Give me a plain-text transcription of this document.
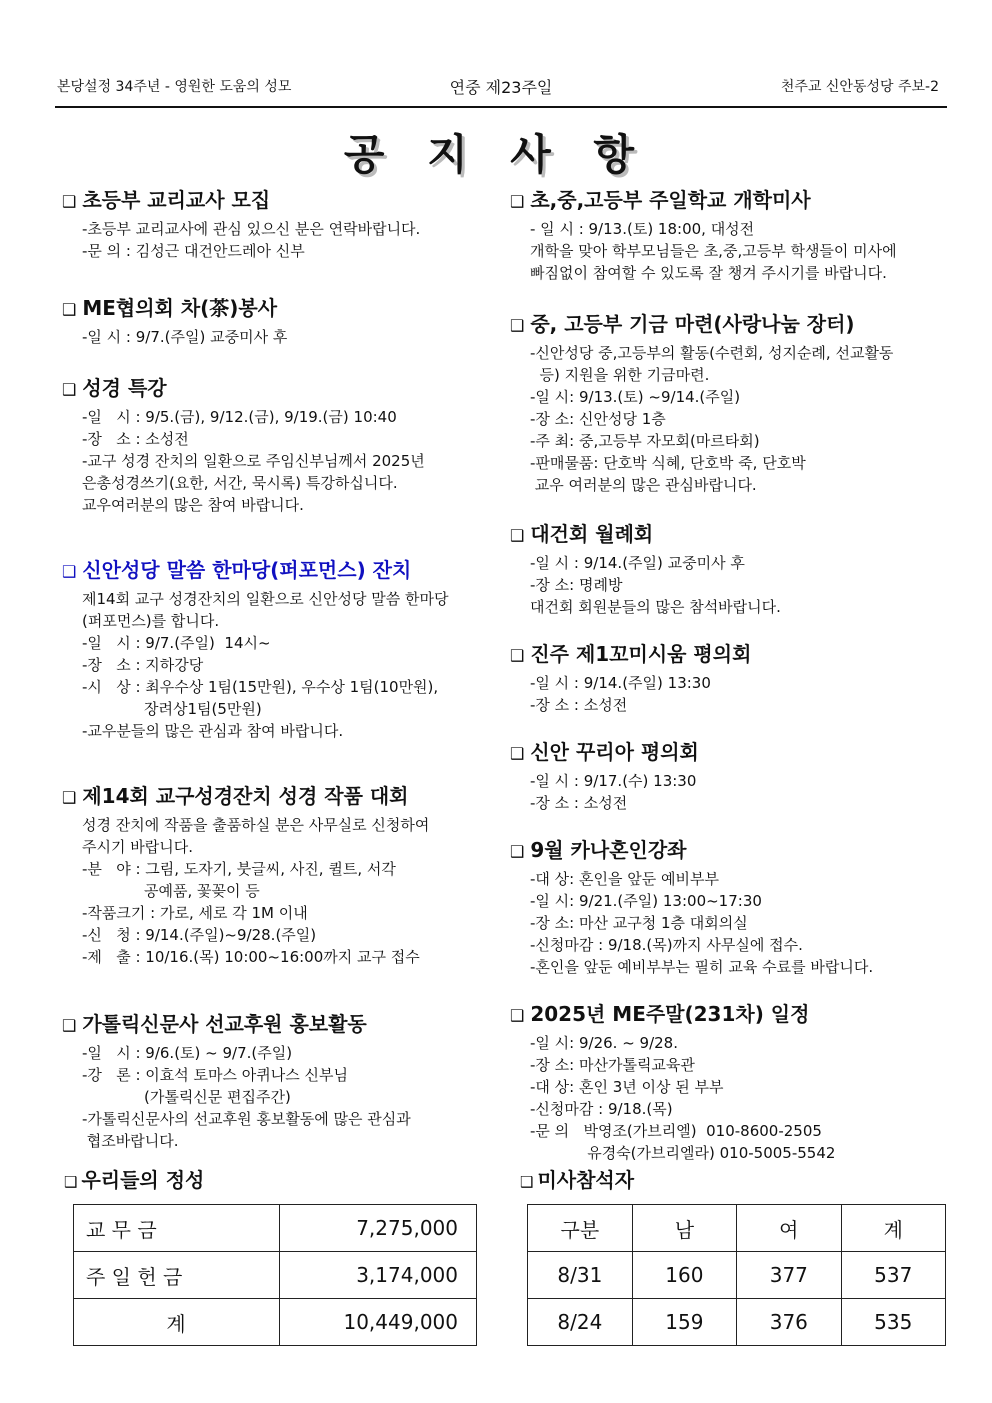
본당설정 34주년 - 영원한 도움의 성모	연중 제23주일	천주교 신안동성당 주보-2
공 지 사 항
❑ 초등부 교리교사 모집
-초등부 교리교사에 관심 있으신 분은 연락바랍니다.
-문 의 : 김성근 대건안드레아 신부
❑ ME협의회 차(茶)봉사
-일 시 : 9/7.(주일) 교중미사 후
❑ 성경 특강
-일   시 : 9/5.(금), 9/12.(금), 9/19.(금) 10:40
-장   소 : 소성전
-교구 성경 잔치의 일환으로 주임신부님께서 2025년
은총성경쓰기(요한, 서간, 묵시록) 특강하십니다.
교우여러분의 많은 참여 바랍니다.
❑ 신안성당 말씀 한마당(퍼포먼스) 잔치
제14회 교구 성경잔치의 일환으로 신안성당 말씀 한마당
(퍼포먼스)를 합니다.
-일   시 : 9/7.(주일)  14시~
-장   소 : 지하강당
-시   상 : 최우수상 1팀(15만원), 우수상 1팀(10만원),
장려상1팀(5만원)
-교우분들의 많은 관심과 참여 바랍니다.
❑ 제14회 교구성경잔치 성경 작품 대회
성경 잔치에 작품을 출품하실 분은 사무실로 신청하여
주시기 바랍니다.
-분   야 : 그림, 도자기, 붓글씨, 사진, 퀼트, 서각
공예품, 꽃꽂이 등
-작품크기 : 가로, 세로 각 1M 이내
-신   청 : 9/14.(주일)~9/28.(주일)
-제   출 : 10/16.(목) 10:00~16:00까지 교구 접수
❑ 가톨릭신문사 선교후원 홍보활동
-일   시 : 9/6.(토) ~ 9/7.(주일)
-강   론 : 이효석 토마스 아퀴나스 신부님
(가톨릭신문 편집주간)
-가톨릭신문사의 선교후원 홍보활동에 많은 관심과
협조바랍니다.
❑ 초,중,고등부 주일학교 개학미사
- 일 시 : 9/13.(토) 18:00, 대성전
개학을 맞아 학부모님들은 초,중,고등부 학생들이 미사에
빠짐없이 참여할 수 있도록 잘 챙겨 주시기를 바랍니다.
❑ 중, 고등부 기금 마련(사랑나눔 장터)
-신안성당 중,고등부의 활동(수련회, 성지순례, 선교활동
등) 지원을 위한 기금마련.
-일 시: 9/13.(토) ~9/14.(주일)
-장 소: 신안성당 1층
-주 최: 중,고등부 자모회(마르타회)
-판매물품: 단호박 식혜, 단호박 죽, 단호박
교우 여러분의 많은 관심바랍니다.
❑ 대건회 월례회
-일 시 : 9/14.(주일) 교중미사 후
-장 소: 명례방
대건회 회원분들의 많은 참석바랍니다.
❑ 진주 제1꼬미시움 평의회
-일 시 : 9/14.(주일) 13:30
-장 소 : 소성전
❑ 신안 꾸리아 평의회
-일 시 : 9/17.(수) 13:30
-장 소 : 소성전
❑ 9월 카나혼인강좌
-대 상: 혼인을 앞둔 예비부부
-일 시: 9/21.(주일) 13:00~17:30
-장 소: 마산 교구청 1층 대회의실
-신청마감 : 9/18.(목)까지 사무실에 접수.
-혼인을 앞둔 예비부부는 필히 교육 수료를 바랍니다.
❑ 2025년 ME주말(231차) 일정
-일 시: 9/26. ~ 9/28.
-장 소: 마산가톨릭교육관
-대 상: 혼인 3년 이상 된 부부
-신청마감 : 9/18.(목)
-문 의   박영조(가브리엘)  010-8600-2505
유경숙(가브리엘라) 010-5005-5542
❑ 우리들의 정성	❑ 미사참석자
교 무 금	7,275,000
주 일 헌 금	3,174,000
계	10,449,000
구분	남	여	계
8/31	160	377	537
8/24	159	376	535
